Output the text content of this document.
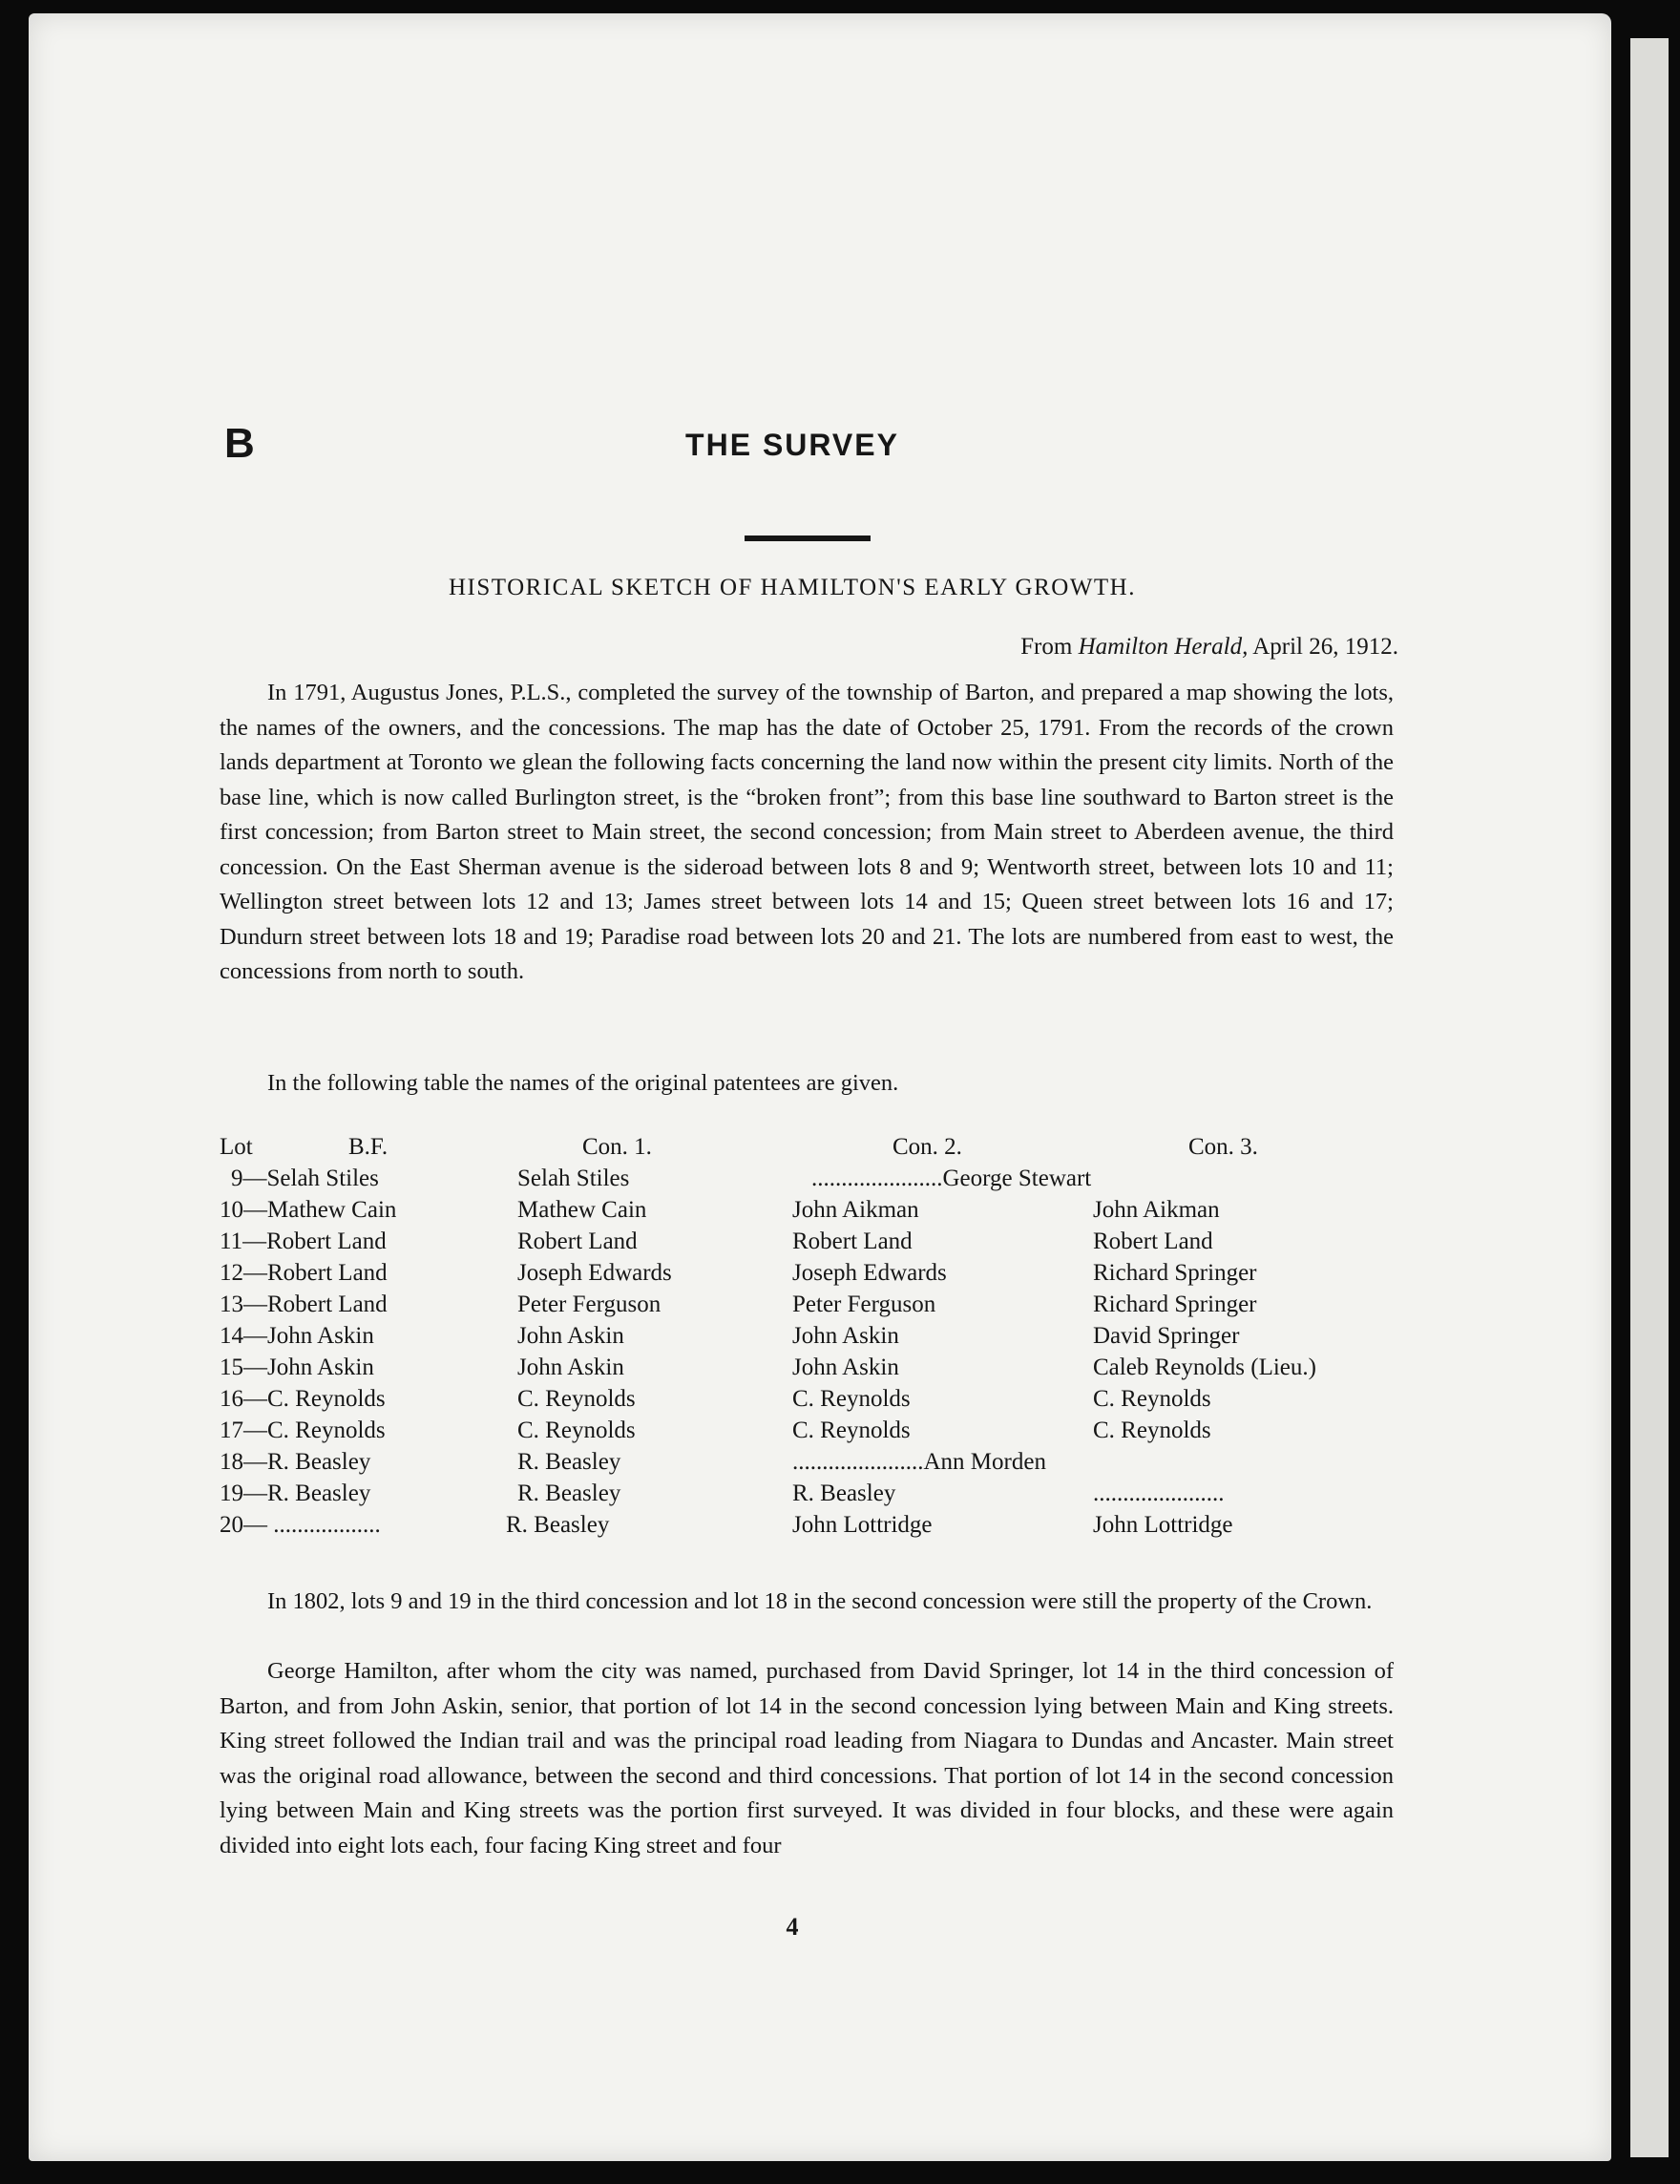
B	THE SURVEY
HISTORICAL SKETCH OF HAMILTON'S EARLY GROWTH.
From Hamilton Herald, April 26, 1912.

In 1791, Augustus Jones, P.L.S., completed the survey of the township of Barton, and prepared a map showing the lots, the names of the owners, and the concessions. The map has the date of October 25, 1791. From the records of the crown lands department at Toronto we glean the following facts concerning the land now within the present city limits. North of the base line, which is now called Burlington street, is the “broken front”; from this base line southward to Barton street is the first concession; from Barton street to Main street, the second concession; from Main street to Aberdeen avenue, the third concession. On the East Sherman avenue is the sideroad between lots 8 and 9; Wentworth street, between lots 10 and 11; Wellington street between lots 12 and 13; James street between lots 14 and 15; Queen street between lots 16 and 17; Dundurn street between lots 18 and 19; Paradise road between lots 20 and 21. The lots are numbered from east to west, the concessions from north to south.

In the following table the names of the original patentees are given.

Lot	B.F.	Con. 1.	Con. 2.	Con. 3.
9—Selah Stiles	Selah Stiles	......................George Stewart
10—Mathew Cain	Mathew Cain	John Aikman	John Aikman
11—Robert Land	Robert Land	Robert Land	Robert Land
12—Robert Land	Joseph Edwards	Joseph Edwards	Richard Springer
13—Robert Land	Peter Ferguson	Peter Ferguson	Richard Springer
14—John Askin	John Askin	John Askin	David Springer
15—John Askin	John Askin	John Askin	Caleb Reynolds (Lieu.)
16—C. Reynolds	C. Reynolds	C. Reynolds	C. Reynolds
17—C. Reynolds	C. Reynolds	C. Reynolds	C. Reynolds
18—R. Beasley	R. Beasley	......................Ann Morden
19—R. Beasley	R. Beasley	R. Beasley	......................
20— ..................	R. Beasley	John Lottridge	John Lottridge

In 1802, lots 9 and 19 in the third concession and lot 18 in the second concession were still the property of the Crown.

George Hamilton, after whom the city was named, purchased from David Springer, lot 14 in the third concession of Barton, and from John Askin, senior, that portion of lot 14 in the second concession lying between Main and King streets. King street followed the Indian trail and was the principal road leading from Niagara to Dundas and Ancaster. Main street was the original road allowance, between the second and third concessions. That portion of lot 14 in the second concession lying between Main and King streets was the portion first surveyed. It was divided in four blocks, and these were again divided into eight lots each, four facing King street and four

4
